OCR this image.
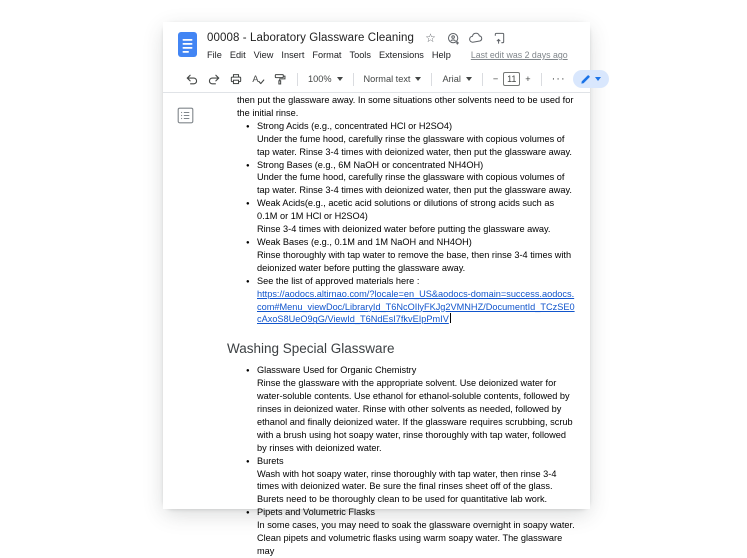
00008 - Laboratory Glassware Cleaning ☆
File Edit View Insert Format Tools Extensions Help Last edit was 2 days ago
A	100%	Normal text	Arial	− 11 + ···
then put the glassware away. In some situations other solvents need to be used for the initial rinse.
● Strong Acids (e.g., concentrated HCl or H2SO4)
Under the fume hood, carefully rinse the glassware with copious volumes of tap water. Rinse 3-4 times with deionized water, then put the glassware away.
● Strong Bases (e.g., 6M NaOH or concentrated NH4OH)
Under the fume hood, carefully rinse the glassware with copious volumes of tap water. Rinse 3-4 times with deionized water, then put the glassware away.
● Weak Acids(e.g., acetic acid solutions or dilutions of strong acids such as 0.1M or 1M HCl or H2SO4)
Rinse 3-4 times with deionized water before putting the glassware away.
● Weak Bases (e.g., 0.1M and 1M NaOH and NH4OH)
Rinse thoroughly with tap water to remove the base, then rinse 3-4 times with deionized water before putting the glassware away.
● See the list of approved materials here :
https://aodocs.altirnao.com/?locale=en_US&aodocs-domain=success.aodocs.com#Menu_viewDoc/LibraryId_T6NcOIlyFKJg2VMNHZ/DocumentId_TCzSE0cAxoS8UeO9gG/ViewId_T6NdEsI7fkvEIpPmIV
Washing Special Glassware
● Glassware Used for Organic Chemistry
Rinse the glassware with the appropriate solvent. Use deionized water for water-soluble contents. Use ethanol for ethanol-soluble contents, followed by rinses in deionized water. Rinse with other solvents as needed, followed by ethanol and finally deionized water. If the glassware requires scrubbing, scrub with a brush using hot soapy water, rinse thoroughly with tap water, followed by rinses with deionized water.
● Burets
Wash with hot soapy water, rinse thoroughly with tap water, then rinse 3-4 times with deionized water. Be sure the final rinses sheet off of the glass. Burets need to be thoroughly clean to be used for quantitative lab work.
● Pipets and Volumetric Flasks
In some cases, you may need to soak the glassware overnight in soapy water. Clean pipets and volumetric flasks using warm soapy water. The glassware may
